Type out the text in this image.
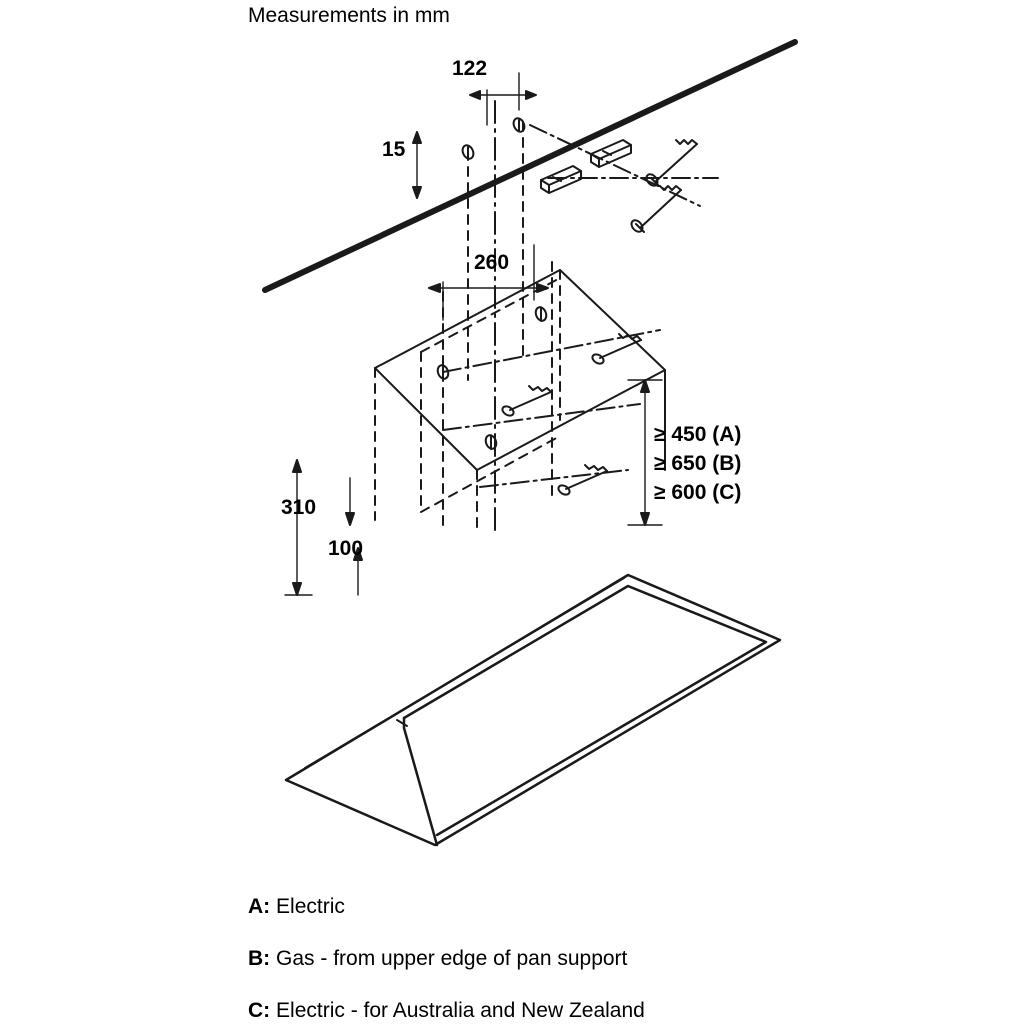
Measurements in mm
122
15
260
310
100
≥ 450 (A)
≥ 650 (B)
≥ 600 (C)
A: Electric
B: Gas - from upper edge of pan support
C: Electric - for Australia and New Zealand
